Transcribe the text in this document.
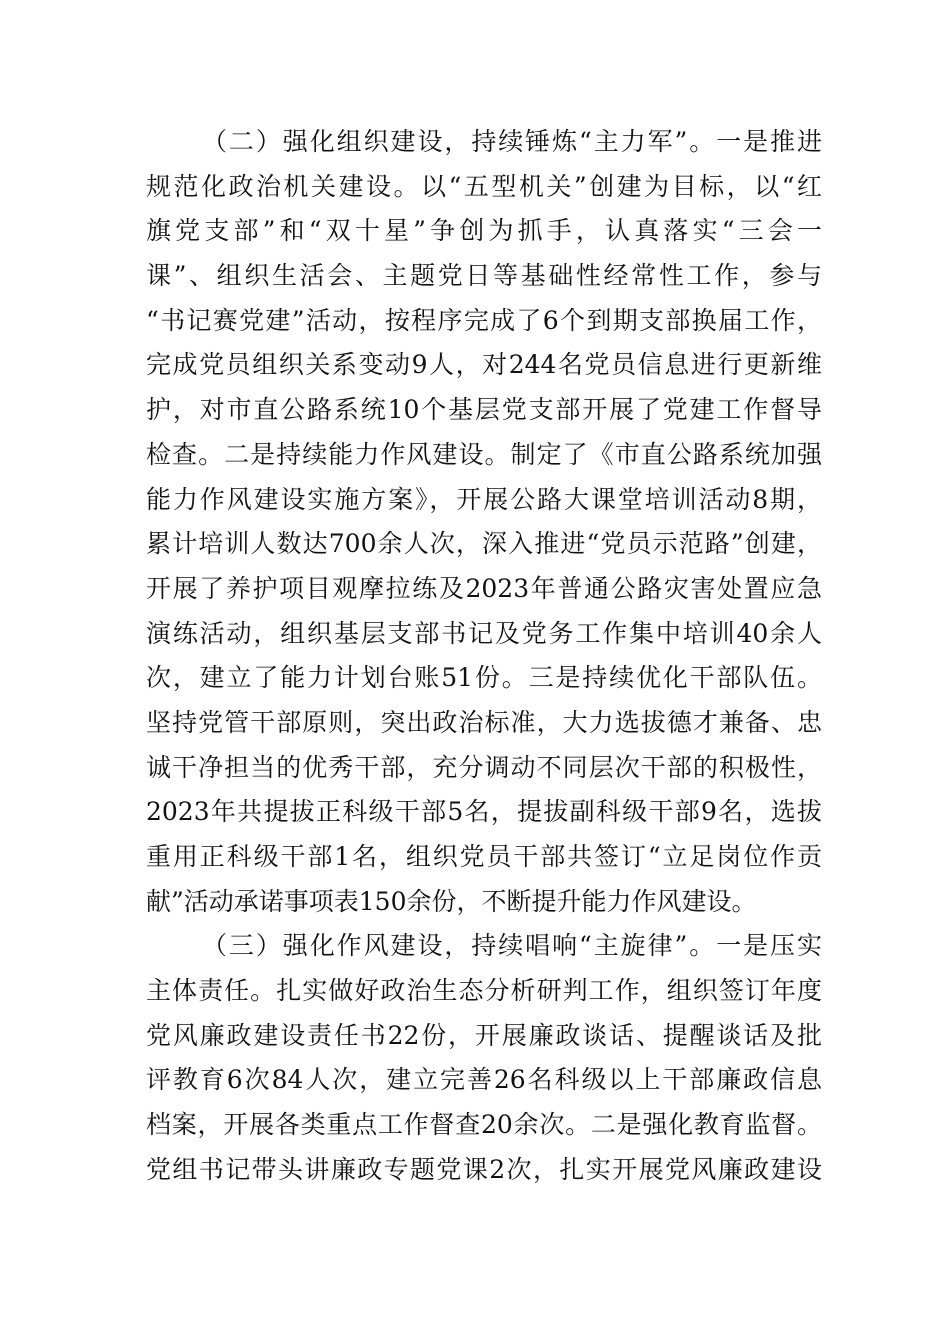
（二）强化组织建设，持续锤炼“主力军”。一是推进
规范化政治机关建设。以“五型机关”创建为目标，以“红
旗党支部”和“双十星”争创为抓手，认真落实“三会一
课”、组织生活会、主题党日等基础性经常性工作，参与
“书记赛党建”活动，按程序完成了6个到期支部换届工作，
完成党员组织关系变动9人，对244名党员信息进行更新维
护，对市直公路系统10个基层党支部开展了党建工作督导
检查。二是持续能力作风建设。制定了《市直公路系统加强
能力作风建设实施方案》，开展公路大课堂培训活动8期，
累计培训人数达700余人次，深入推进“党员示范路”创建，
开展了养护项目观摩拉练及2023年普通公路灾害处置应急
演练活动，组织基层支部书记及党务工作集中培训40余人
次，建立了能力计划台账51份。三是持续优化干部队伍。
坚持党管干部原则，突出政治标准，大力选拔德才兼备、忠
诚干净担当的优秀干部，充分调动不同层次干部的积极性，
2023年共提拔正科级干部5名，提拔副科级干部9名，选拔
重用正科级干部1名，组织党员干部共签订“立足岗位作贡
献”活动承诺事项表150余份，不断提升能力作风建设。
（三）强化作风建设，持续唱响“主旋律”。一是压实
主体责任。扎实做好政治生态分析研判工作，组织签订年度
党风廉政建设责任书22份，开展廉政谈话、提醒谈话及批
评教育6次84人次，建立完善26名科级以上干部廉政信息
档案，开展各类重点工作督查20余次。二是强化教育监督。
党组书记带头讲廉政专题党课2次，扎实开展党风廉政建设
